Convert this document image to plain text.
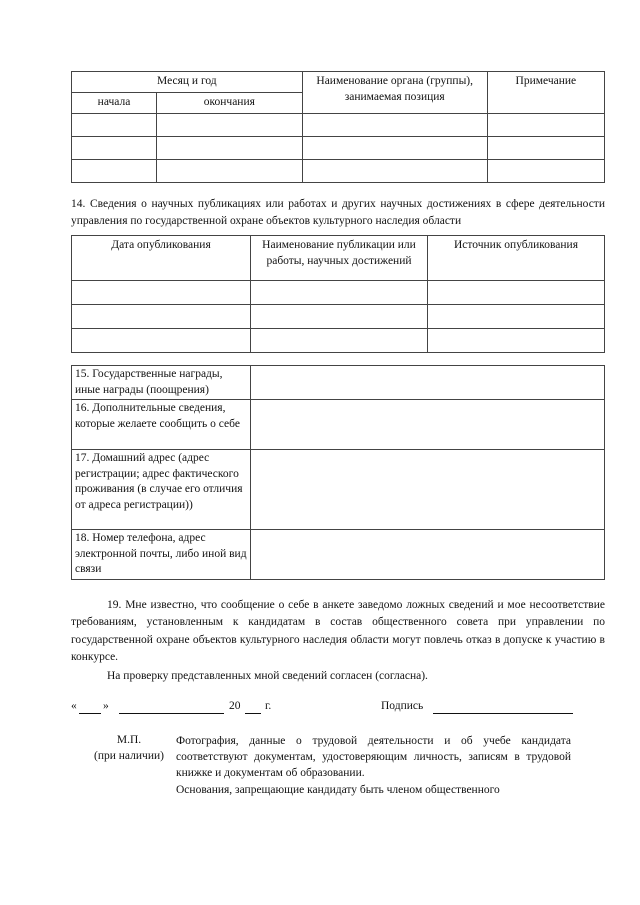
Месяц и год		Наименование органа (группы), занимаемая позиция	Примечание
начала	окончания		

14. Сведения о научных публикациях или работах и других научных достижениях в сфере деятельности управления по государственной охране объектов культурного наследия области
Дата опубликования	Наименование публикации или работы, научных достижений	Источник опубликования

15. Государственные награды, иные награды (поощрения)	
16. Дополнительные сведения, которые желаете сообщить о себе	
17. Домашний адрес (адрес регистрации; адрес фактического проживания (в случае его отличия от адреса регистрации))	
18. Номер телефона, адрес электронной почты, либо иной вид связи	
19. Мне известно, что сообщение о себе в анкете заведомо ложных сведений и мое несоответствие требованиям, установленным к кандидатам в состав общественного совета при управлении по государственной охране объектов культурного наследия области могут повлечь отказ в допуске к участию в конкурсе.
На проверку представленных мной сведений согласен (согласна).
« »	20 г.	Подпись
М.П.
(при наличии)
Фотография, данные о трудовой деятельности и об учебе кандидата соответствуют документам, удостоверяющим личность, записям в трудовой книжке и документам об образовании.
Основания, запрещающие кандидату быть членом общественного
